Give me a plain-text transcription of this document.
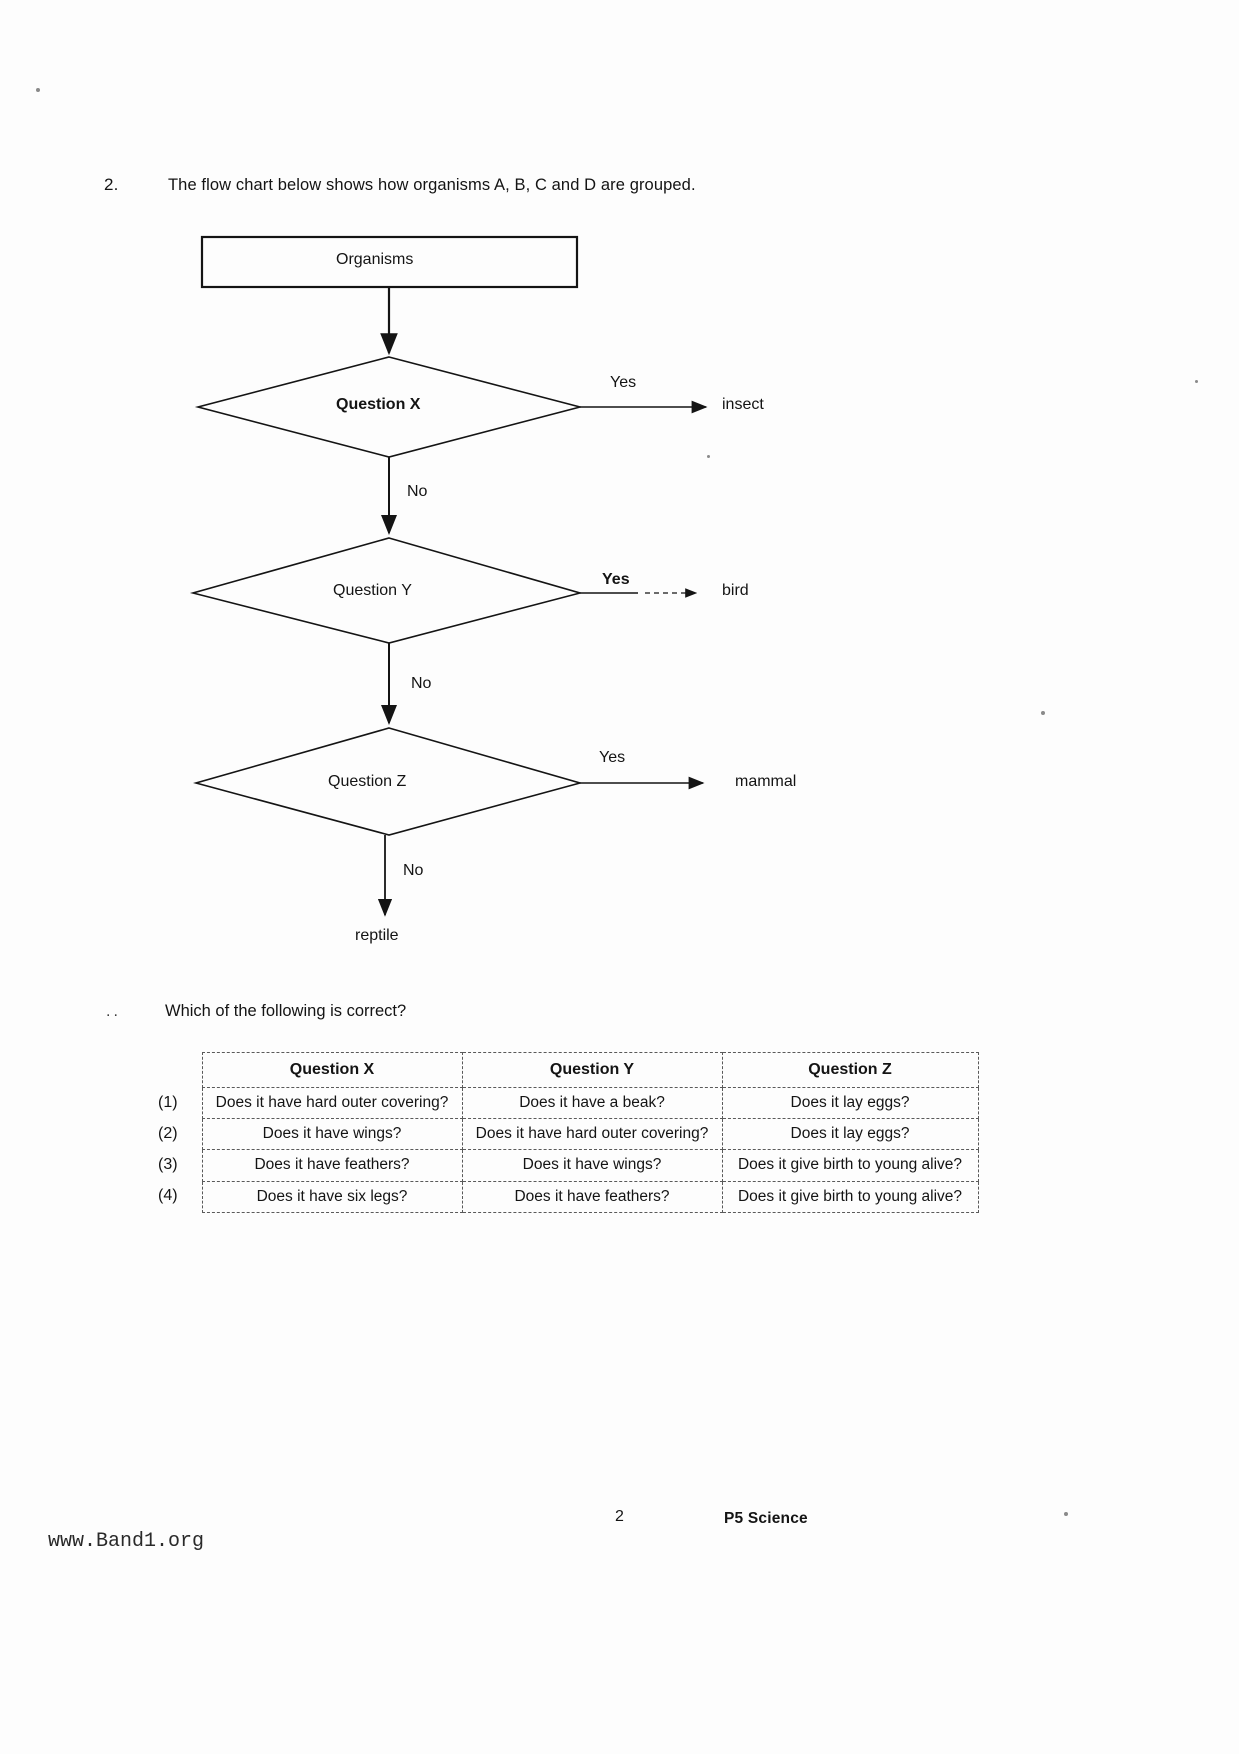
2.	The flow chart below shows how organisms A, B, C and D are grouped.
Organisms
Question X
Yes
No
insect
Question Y
Yes
No
bird
Question Z
Yes
No
mammal
reptile
..	Which of the following is correct?
	Question X	Question Y	Question Z
(1)	Does it have hard outer covering?	Does it have a beak?	Does it lay eggs?
(2)	Does it have wings?	Does it have hard outer covering?	Does it lay eggs?
(3)	Does it have feathers?	Does it have wings?	Does it give birth to young alive?
(4)	Does it have six legs?	Does it have feathers?	Does it give birth to young alive?
2	P5 Science
www.Band1.org
